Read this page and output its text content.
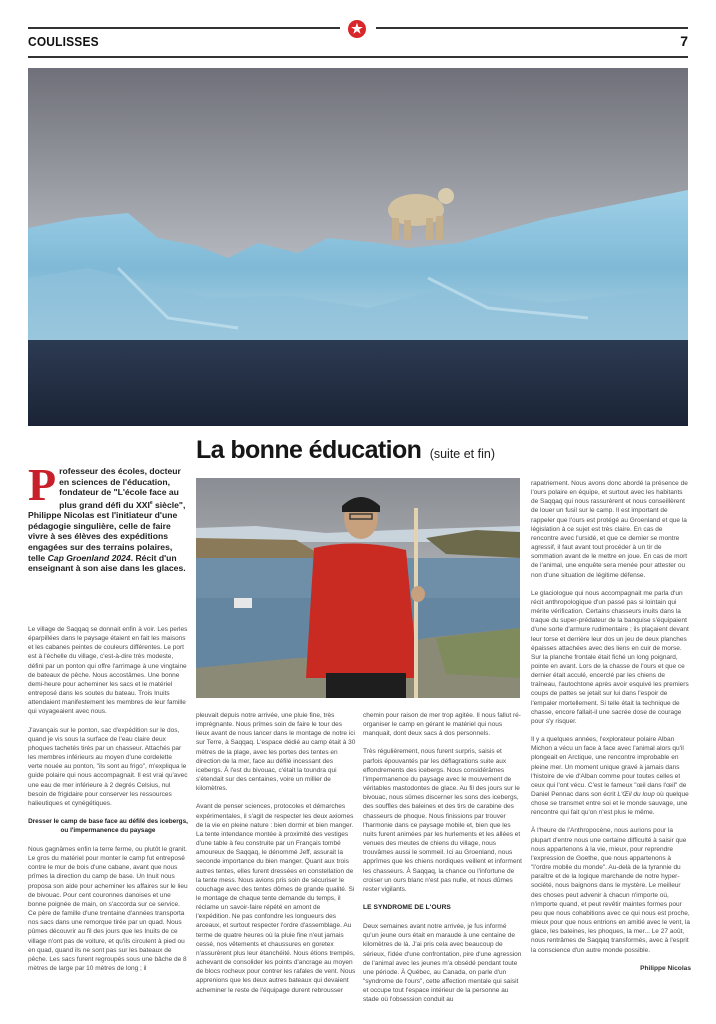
★
COULISSES	7
La bonne éducation (suite et fin)
Professeur des écoles, docteur en sciences de l'éducation, fondateur de "L'école face au plus grand défi du XXIe siècle", Philippe Nicolas est l'initiateur d'une pédagogie singulière, celle de faire vivre à ses élèves des expéditions engagées sur des terrains polaires, telle Cap Groenland 2024. Récit d'un enseignant à son aise dans les glaces.

Le village de Saqqaq se donnait enfin à voir. Les perles éparpillées dans le paysage étaient en fait les maisons et les cabanes peintes de couleurs différentes. Le port est à l'échelle du village, c'est-à-dire très modeste, défini par un ponton qui offre l'arrimage à une vingtaine de bateaux de pêche. Nous accostâmes. Une bonne demi-heure pour acheminer les sacs et le matériel entreposé dans les soutes du bateau. Trois Inuits attendaient manifestement les membres de leur famille qui voyageaient avec nous.

J'avançais sur le ponton, sac d'expédition sur le dos, quand je vis sous la surface de l'eau claire deux phoques tachetés tirés par un chasseur. Attachés par les membres inférieurs au moyen d'une cordelette verte nouée au ponton, "ils sont au frigo", m'expliqua le guide polaire qui nous accompagnait. Il est vrai qu'avec une eau de mer inférieure à 2 degrés Celsius, nul besoin de frigidaire pour conserver les ressources halieutiques et cynégétiques.

Dresser le camp de base face au défilé des icebergs, ou l'impermanence du paysage

Nous gagnâmes enfin la terre ferme, ou plutôt le granit. Le gros du matériel pour monter le camp fut entreposé contre le mur de bois d'une cabane, avant que nous prîmes la direction du camp de base. Un Inuit nous proposa son aide pour acheminer les affaires sur le lieu de bivouac. Pour cent couronnes danoises et une bonne poignée de main, on s'accorda sur ce service. Ce père de famille d'une trentaine d'années transporta nos sacs dans une remorque tirée par un quad. Nous pûmes découvrir au fil des jours que les Inuits de ce village n'ont pas de voiture, et qu'ils circulent à pied ou en quad, quand ils ne sont pas sur les bateaux de pêche. Les sacs furent regroupés sous une bâche de 8 mètres de large par 10 mètres de long ; il

pleuvait depuis notre arrivée, une pluie fine, très imprégnante. Nous prîmes soin de faire le tour des lieux avant de nous lancer dans le montage de notre ici sur Terre, à Saqqaq. L'espace dédié au camp était à 30 mètres de la plage, avec les portes des tentes en direction de la mer, face au défilé incessant des icebergs. À l'est du bivouac, c'était la toundra qui s'étendait sur des centaines, voire un millier de kilomètres.

Avant de penser sciences, protocoles et démarches expérimentales, il s'agit de respecter les deux axiomes de la vie en pleine nature : bien dormir et bien manger. La tente intendance montée à proximité des vestiges d'une table à feu construite par un Français tombé amoureux de Saqqaq, le dénommé Jeff, assurait la seconde importance du bien manger. Quant aux trois autres tentes, elles furent dressées en constellation de la tente mess. Nous avions pris soin de sécuriser le couchage avec des tentes dômes de grande qualité. Si le montage de chaque tente demande du temps, il réclame un savoir-faire répété en amont de l'expédition. Ne pas confondre les longueurs des arceaux, et surtout respecter l'ordre d'assemblage. Au terme de quatre heures où la pluie fine n'eut jamais cessé, nos vêtements et chaussures en goretex n'assurèrent plus leur étanchéité. Nous étions trempés, achevant de consolider les points d'ancrage au moyen de blocs rocheux pour contrer les rafales de vent. Nous apprenions que les deux autres bateaux qui devaient acheminer le reste de l'équipage durent rebrousser

chemin pour raison de mer trop agitée. Il nous fallut ré-organiser le camp en gérant le matériel qui nous manquait, dont deux sacs à dos personnels.

Très régulièrement, nous furent surpris, saisis et parfois épouvantés par les déflagrations suite aux effondrements des icebergs. Nous considérâmes l'impermanence du paysage avec le mouvement de véritables mastodontes de glace. Au fil des jours sur le bivouac, nous sûmes discerner les sons des icebergs, des souffles des baleines et des tirs de carabine des chasseurs de phoque. Nous finissions par trouver l'harmonie dans ce paysage mobile et, bien que les nuits furent animées par les hurlements et les allées et venues des meutes de chiens du village, nous trouvâmes aussi le sommeil. Ici au Groenland, nous apprîmes que les chiens nordiques veillent et informent les chasseurs. À Saqqaq, la chance ou l'infortune de croiser un ours blanc n'est pas nulle, et nous dûmes rester vigilants.

LE SYNDROME DE L'OURS

Deux semaines avant notre arrivée, je fus informé qu'un jeune ours était en maraude à une centaine de kilomètres de là. J'ai pris cela avec beaucoup de sérieux, l'idée d'une confrontation, pire d'une agression de l'animal avec les jeunes m'a obsédé pendant toute une période. À Québec, au Canada, on parle d'un "syndrome de l'ours", cette affection mentale qui saisit et occupe tout l'espace intérieur de la personne au stade où l'obsession conduit au

rapatriement. Nous avons donc abordé la présence de l'ours polaire en équipe, et surtout avec les habitants de Saqqaq qui nous rassurèrent et nous conseillèrent de louer un fusil sur le camp. Il est important de rappeler que l'ours est protégé au Groenland et que la législation à ce sujet est très claire. En cas de rencontre avec l'ursidé, et que ce dernier se montre agressif, il faut avant tout procéder à un tir de sommation avant de le mettre en joue. En cas de mort de l'animal, une enquête sera menée pour attester ou non d'une situation de légitime défense.

Le glaciologue qui nous accompagnait me parla d'un récit anthropologique d'un passé pas si lointain qui mérite vérification. Certains chasseurs inuits dans la traque du super-prédateur de la banquise s'équipaient d'une sorte d'armure rudimentaire ; ils plaçaient devant leur torse et derrière leur dos un jeu de deux planches épaisses attachées avec des liens en cuir de morse. Sur la planche frontale était fiché un long poignard, pointe en avant. Lors de la chasse de l'ours et que ce dernier était acculé, encerclé par les chiens de traîneau, l'autochtone après avoir esquivé les premiers coups de pattes se jetait sur lui dans l'espoir de l'empaler mortellement. Si telle était la technique de chasse, encore fallait-il une sacrée dose de courage pour s'y risquer.

Il y a quelques années, l'explorateur polaire Alban Michon a vécu un face à face avec l'animal alors qu'il plongeait en Arctique, une rencontre improbable en pleine mer. Un moment unique gravé à jamais dans l'histoire de vie d'Alban comme pour toutes celles et ceux qui l'ont vécu. C'est le fameux "œil dans l'œil" de Daniel Pennac dans son écrit L'Œil du loup où quelque chose se transmet entre soi et le monde sauvage, une rencontre qui fait qu'on n'est plus le même.

À l'heure de l'Anthropocène, nous aurions pour la plupart d'entre nous une certaine difficulté à saisir que nous appartenons à la vie, mieux, pour reprendre l'expression de Goethe, que nous appartenons à "l'ordre mobile du monde". Au-delà de la tyrannie du paraître et de la logique marchande de notre hyper-société, nous baignons dans le mystère. Le meilleur des choses peut advenir à chacun n'importe où, n'importe quand, et peut revêtir maintes formes pour peu que nous cohabitions avec ce qui nous est proche, mieux pour que nous entrions en amitié avec le vent, la glace, les baleines, les phoques, la mer... Le 27 août, nous rentrâmes de Saqqaq transformés, avec à l'esprit la conscience d'un autre monde possible.

Philippe Nicolas
